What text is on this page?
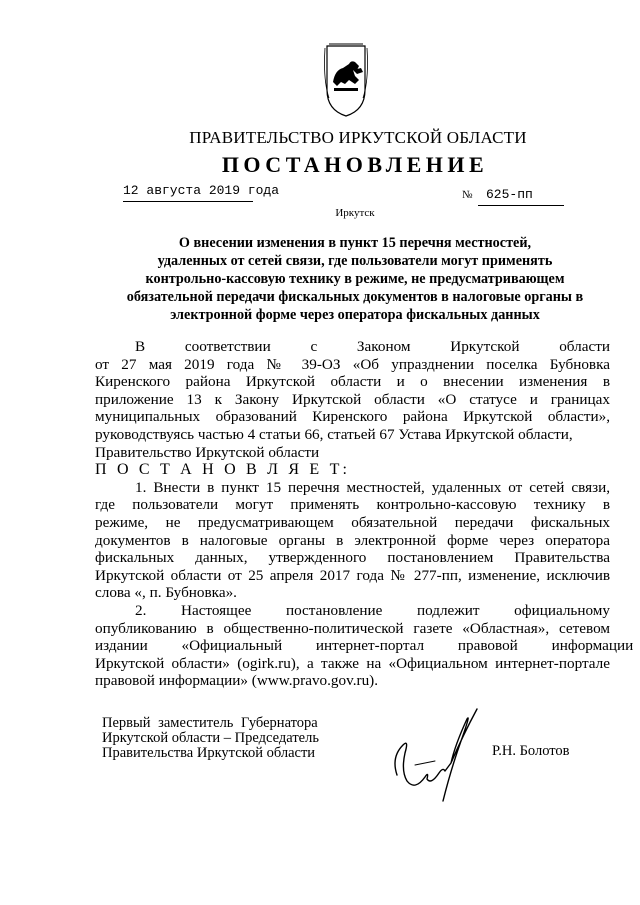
ПРАВИТЕЛЬСТВО ИРКУТСКОЙ ОБЛАСТИ
ПОСТАНОВЛЕНИЕ
12 августа 2019 года	№	625-пп
Иркутск
О внесении изменения в пункт 15 перечня местностей,
удаленных от сетей связи, где пользователи могут применять
контрольно-кассовую технику в режиме, не предусматривающем
обязательной передачи фискальных документов в налоговые органы в
электронной форме через оператора фискальных данных
В	соответствии	с	Законом	Иркутской	области
от 27 мая 2019 года № 39-ОЗ «Об упразднении поселка Бубновка
Киренского района Иркутской области и о внесении изменения в
приложение 13 к Закону Иркутской области «О статусе и границах
муниципальных образований Киренского района Иркутской области»,
руководствуясь частью 4 статьи 66, статьей 67 Устава Иркутской области,
Правительство Иркутской области
П О С Т А Н О В Л Я Е Т:
1. Внести в пункт 15 перечня местностей, удаленных от сетей связи,
где пользователи могут применять контрольно-кассовую технику в
режиме, не предусматривающем обязательной передачи фискальных
документов в налоговые органы в электронной форме через оператора
фискальных данных, утвержденного постановлением Правительства
Иркутской области от 25 апреля 2017 года № 277-пп, изменение, исключив
слова «, п. Бубновка».
2. Настоящее постановление подлежит официальному
опубликованию в общественно-политической газете «Областная», сетевом
издании «Официальный интернет-портал правовой информации
Иркутской области» (ogirk.ru), а также на «Официальном интернет-портале
правовой информации» (www.pravo.gov.ru).
Первый заместитель Губернатора
Иркутской области – Председатель
Правительства Иркутской области	Р.Н. Болотов
